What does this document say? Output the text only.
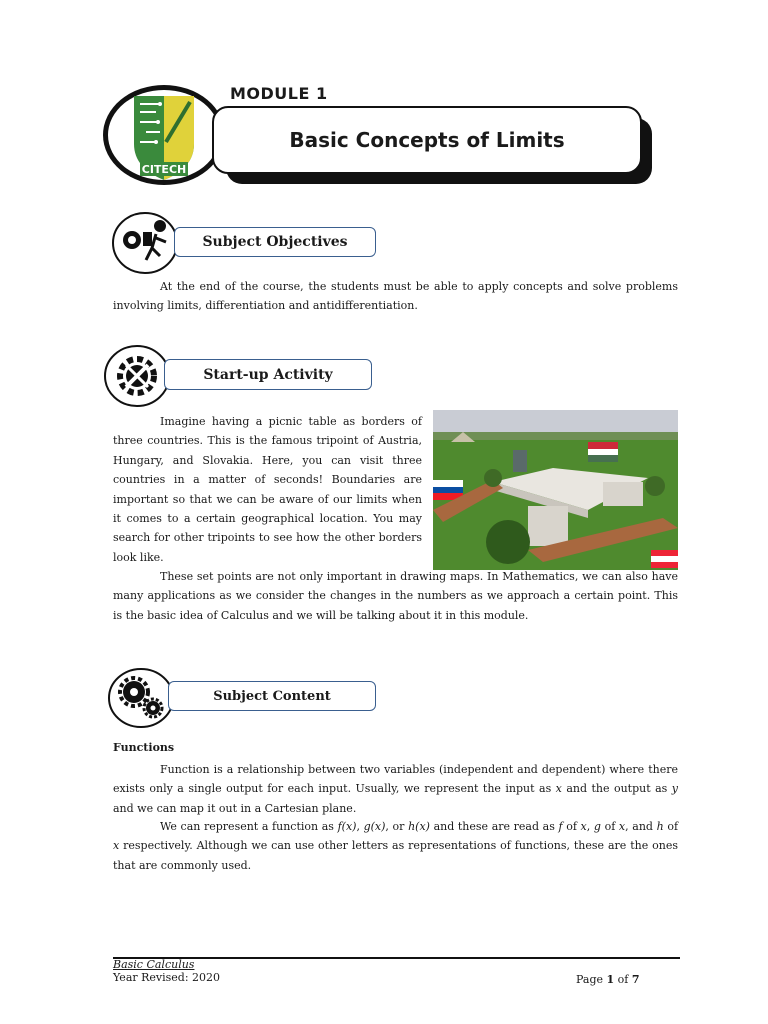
CITECH
MODULE 1
Basic Concepts of Limits
Subject Objectives

At the end of the course, the students must be able to apply concepts and solve problems involving limits, differentiation and antidifferentiation.

Start-up Activity

Imagine having a picnic table as borders of three countries. This is the famous tripoint of Austria, Hungary, and Slovakia. Here, you can visit three countries in a matter of seconds! Boundaries are important so that we can be aware of our limits when it comes to a certain geographical location. You may search for other tripoints to see how the other borders look like.

These set points are not only important in drawing maps. In Mathematics, we can also have many applications as we consider the changes in the numbers as we approach a certain point. This is the basic idea of Calculus and we will be talking about it in this module.

Subject Content
Functions

Function is a relationship between two variables (independent and dependent) where there exists only a single output for each input. Usually, we represent the input as x and the output as y and we can map it out in a Cartesian plane.

We can represent a function as f(x), g(x), or h(x) and these are read as f of x, g of x, and h of x respectively. Although we can use other letters as representations of functions, these are the ones that are commonly used.

Basic Calculus
Year Revised: 2020	Page 1 of 7
